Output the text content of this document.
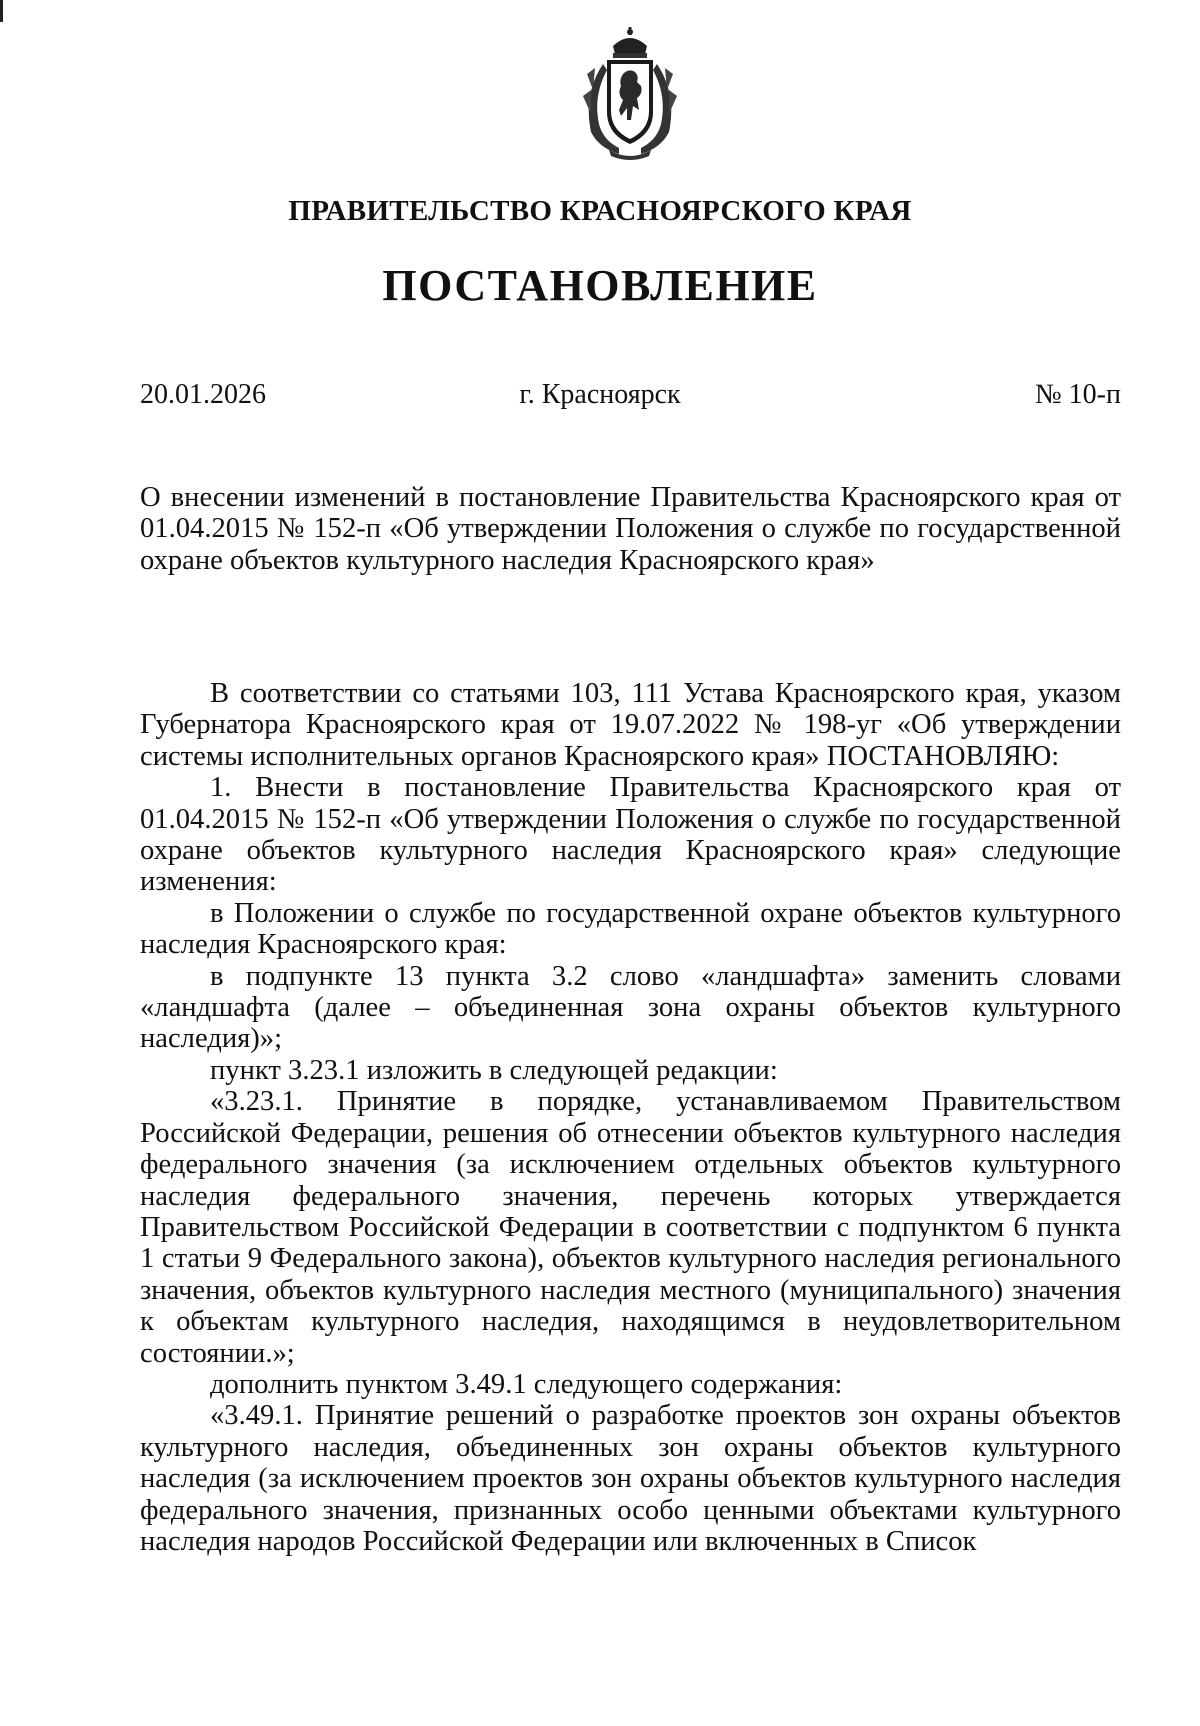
ПРАВИТЕЛЬСТВО КРАСНОЯРСКОГО КРАЯ
ПОСТАНОВЛЕНИЕ
г. Красноярск
20.01.2026	№ 10-п

О внесении изменений в постановление Правительства Красноярского края от 01.04.2015 № 152-п «Об утверждении Положения о службе по государственной охране объектов культурного наследия Красноярского края»

В соответствии со статьями 103, 111 Устава Красноярского края, указом Губернатора Красноярского края от 19.07.2022 № 198-уг «Об утверждении системы исполнительных органов Красноярского края» ПОСТАНОВЛЯЮ:

1. Внести в постановление Правительства Красноярского края от 01.04.2015 № 152-п «Об утверждении Положения о службе по государственной охране объектов культурного наследия Красноярского края» следующие изменения:

в Положении о службе по государственной охране объектов культурного наследия Красноярского края:

в подпункте 13 пункта 3.2 слово «ландшафта» заменить словами «ландшафта (далее – объединенная зона охраны объектов культурного наследия)»;

пункт 3.23.1 изложить в следующей редакции:

«3.23.1. Принятие в порядке, устанавливаемом Правительством Российской Федерации, решения об отнесении объектов культурного наследия федерального значения (за исключением отдельных объектов культурного наследия федерального значения, перечень которых утверждается Правительством Российской Федерации в соответствии с подпунктом 6 пункта 1 статьи 9 Федерального закона), объектов культурного наследия регионального значения, объектов культурного наследия местного (муниципального) значения к объектам культурного наследия, находящимся в неудовлетворительном состоянии.»;

дополнить пунктом 3.49.1 следующего содержания:

«3.49.1. Принятие решений о разработке проектов зон охраны объектов культурного наследия, объединенных зон охраны объектов культурного наследия (за исключением проектов зон охраны объектов культурного наследия федерального значения, признанных особо ценными объектами культурного наследия народов Российской Федерации или включенных в Список
